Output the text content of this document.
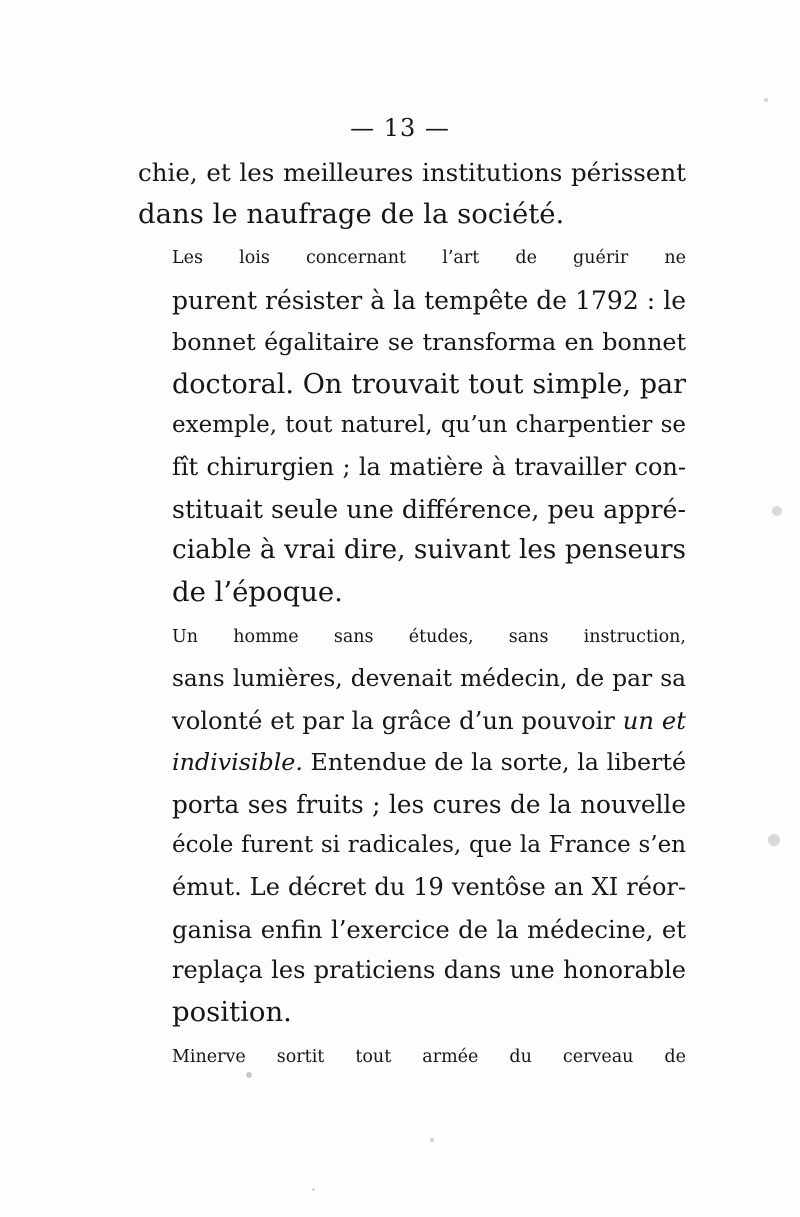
— 13 —

chie, et les meilleures institutions périssent
dans le naufrage de la société.

Les lois concernant l’art de guérir ne
purent résister à la tempête de 1792 : le
bonnet égalitaire se transforma en bonnet
doctoral. On trouvait tout simple, par
exemple, tout naturel, qu’un charpentier se
fît chirurgien ; la matière à travailler con-
stituait seule une différence, peu appré-
ciable à vrai dire, suivant les penseurs
de l’époque.

Un homme sans études, sans instruction,
sans lumières, devenait médecin, de par sa
volonté et par la grâce d’un pouvoir un et
indivisible. Entendue de la sorte, la liberté
porta ses fruits ; les cures de la nouvelle
école furent si radicales, que la France s’en
émut. Le décret du 19 ventôse an XI réor-
ganisa enfin l’exercice de la médecine, et
replaça les praticiens dans une honorable
position.

Minerve sortit tout armée du cerveau de
